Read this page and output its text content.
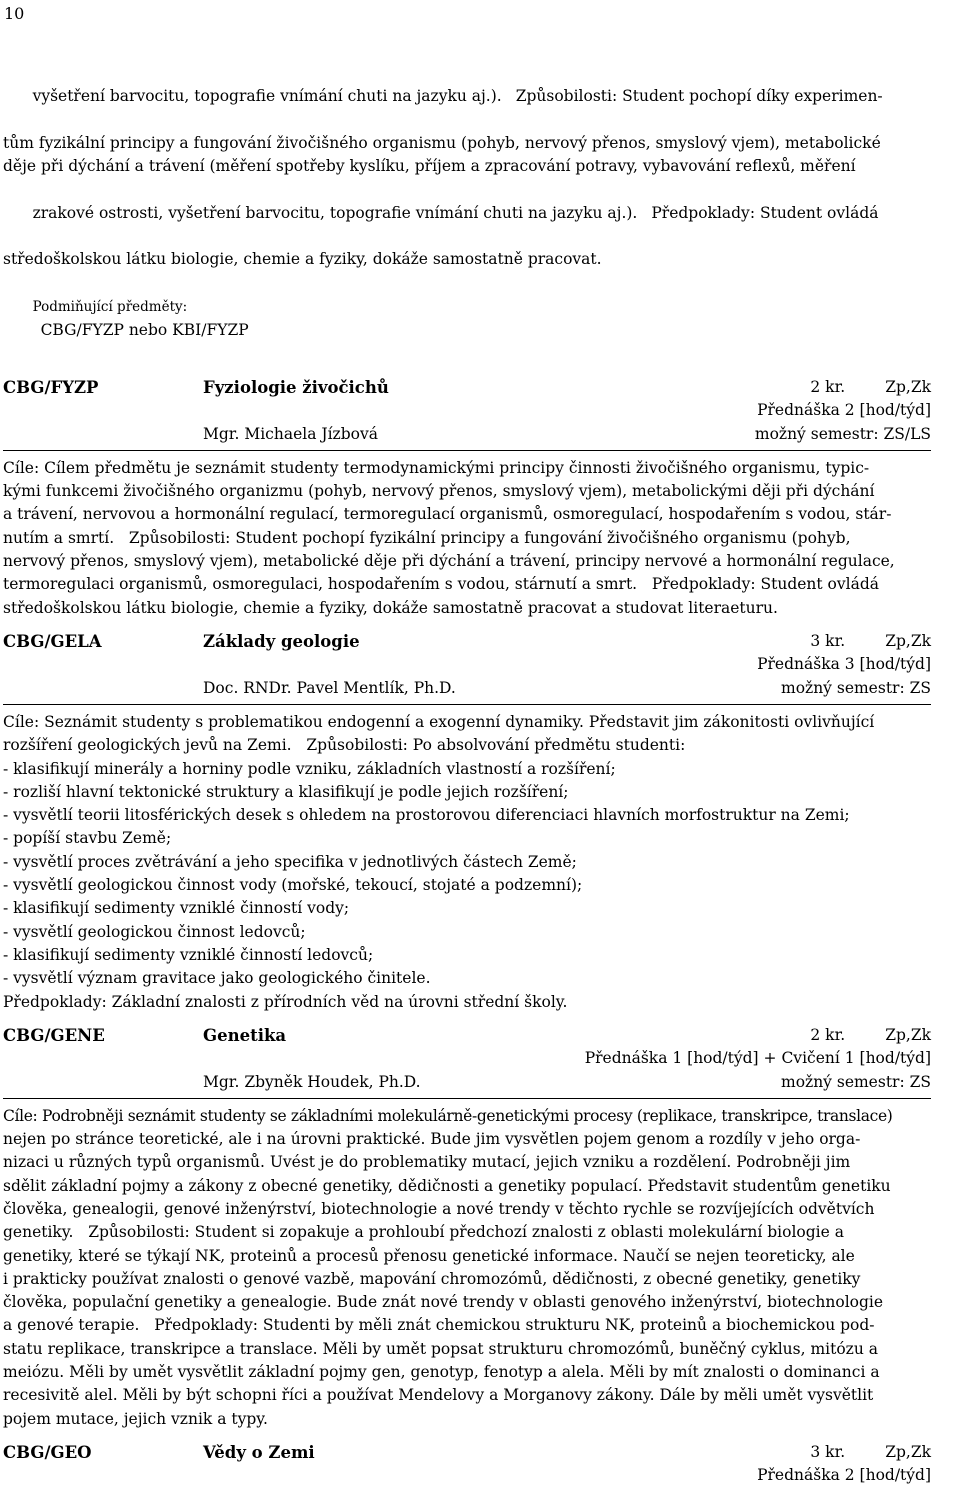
10

vyšetření barvocitu, topografie vnímání chuti na jazyku aj.). Způsobilosti: Student pochopí díky experimen-

tům fyzikální principy a fungování živočišného organismu (pohyb, nervový přenos, smyslový vjem), metabolické
děje při dýchání a trávení (měření spotřeby kyslíku, příjem a zpracování potravy, vybavování reflexů, měření

zrakové ostrosti, vyšetření barvocitu, topografie vnímání chuti na jazyku aj.). Předpoklady: Student ovládá

středoškolskou látku biologie, chemie a fyziky, dokáže samostatně pracovat.

Podmiňující předměty:
CBG/FYZP nebo KBI/FYZP

CBG/FYZP	Fyziologie živočichů	2 kr.	Zp,Zk
Přednáška 2 [hod/týd]
Mgr. Michaela Jízbová	možný semestr: ZS/LS
Cíle: Cílem předmětu je seznámit studenty termodynamickými principy činnosti živočišného organismu, typic-
kými funkcemi živočišného organizmu (pohyb, nervový přenos, smyslový vjem), metabolickými ději při dýchání
a trávení, nervovou a hormonální regulací, termoregulací organismů, osmoregulací, hospodařením s vodou, stár-
nutím a smrtí.   Způsobilosti: Student pochopí fyzikální principy a fungování živočišného organismu (pohyb,
nervový přenos, smyslový vjem), metabolické děje při dýchání a trávení, principy nervové a hormonální regulace,
termoregulaci organismů, osmoregulaci, hospodařením s vodou, stárnutí a smrt.   Předpoklady: Student ovládá
středoškolskou látku biologie, chemie a fyziky, dokáže samostatně pracovat a studovat literaeturu.
CBG/GELA	Základy geologie	3 kr.	Zp,Zk
Přednáška 3 [hod/týd]
Doc. RNDr. Pavel Mentlík, Ph.D.	možný semestr: ZS
Cíle: Seznámit studenty s problematikou endogenní a exogenní dynamiky. Představit jim zákonitosti ovlivňující
rozšíření geologických jevů na Zemi.   Způsobilosti: Po absolvování předmětu studenti:
- klasifikují minerály a horniny podle vzniku, základních vlastností a rozšíření;
- rozliší hlavní tektonické struktury a klasifikují je podle jejich rozšíření;
- vysvětlí teorii litosférických desek s ohledem na prostorovou diferenciaci hlavních morfostruktur na Zemi;
- popíší stavbu Země;
- vysvětlí proces zvětrávání a jeho specifika v jednotlivých částech Země;
- vysvětlí geologickou činnost vody (mořské, tekoucí, stojaté a podzemní);
- klasifikují sedimenty vzniklé činností vody;
- vysvětlí geologickou činnost ledovců;
- klasifikují sedimenty vzniklé činností ledovců;
- vysvětlí význam gravitace jako geologického činitele.
Předpoklady: Základní znalosti z přírodních věd na úrovni střední školy.
CBG/GENE	Genetika	2 kr.	Zp,Zk
Přednáška 1 [hod/týd] + Cvičení 1 [hod/týd]
Mgr. Zbyněk Houdek, Ph.D.	možný semestr: ZS
Cíle: Podrobněji seznámit studenty se základními molekulárně-genetickými procesy (replikace, transkripce, translace)
nejen po stránce teoretické, ale i na úrovni praktické. Bude jim vysvětlen pojem genom a rozdíly v jeho orga-
nizaci u různých typů organismů. Uvést je do problematiky mutací, jejich vzniku a rozdělení. Podrobněji jim
sdělit základní pojmy a zákony z obecné genetiky, dědičnosti a genetiky populací. Představit studentům genetiku
člověka, genealogii, genové inženýrství, biotechnologie a nové trendy v těchto rychle se rozvíjejících odvětvích
genetiky.   Způsobilosti: Student si zopakuje a prohloubí předchozí znalosti z oblasti molekulární biologie a
genetiky, které se týkají NK, proteinů a procesů přenosu genetické informace. Naučí se nejen teoreticky, ale
i prakticky používat znalosti o genové vazbě, mapování chromozómů, dědičnosti, z obecné genetiky, genetiky
člověka, populační genetiky a genealogie. Bude znát nové trendy v oblasti genového inženýrství, biotechnologie
a genové terapie.   Předpoklady: Studenti by měli znát chemickou strukturu NK, proteinů a biochemickou pod-
statu replikace, transkripce a translace. Měli by umět popsat strukturu chromozómů, buněčný cyklus, mitózu a
meiózu. Měli by umět vysvětlit základní pojmy gen, genotyp, fenotyp a alela. Měli by mít znalosti o dominanci a
recesivitě alel. Měli by být schopni říci a používat Mendelovy a Morganovy zákony. Dále by měli umět vysvětlit
pojem mutace, jejich vznik a typy.
CBG/GEO	Vědy o Zemi	3 kr.	Zp,Zk
Přednáška 2 [hod/týd]
